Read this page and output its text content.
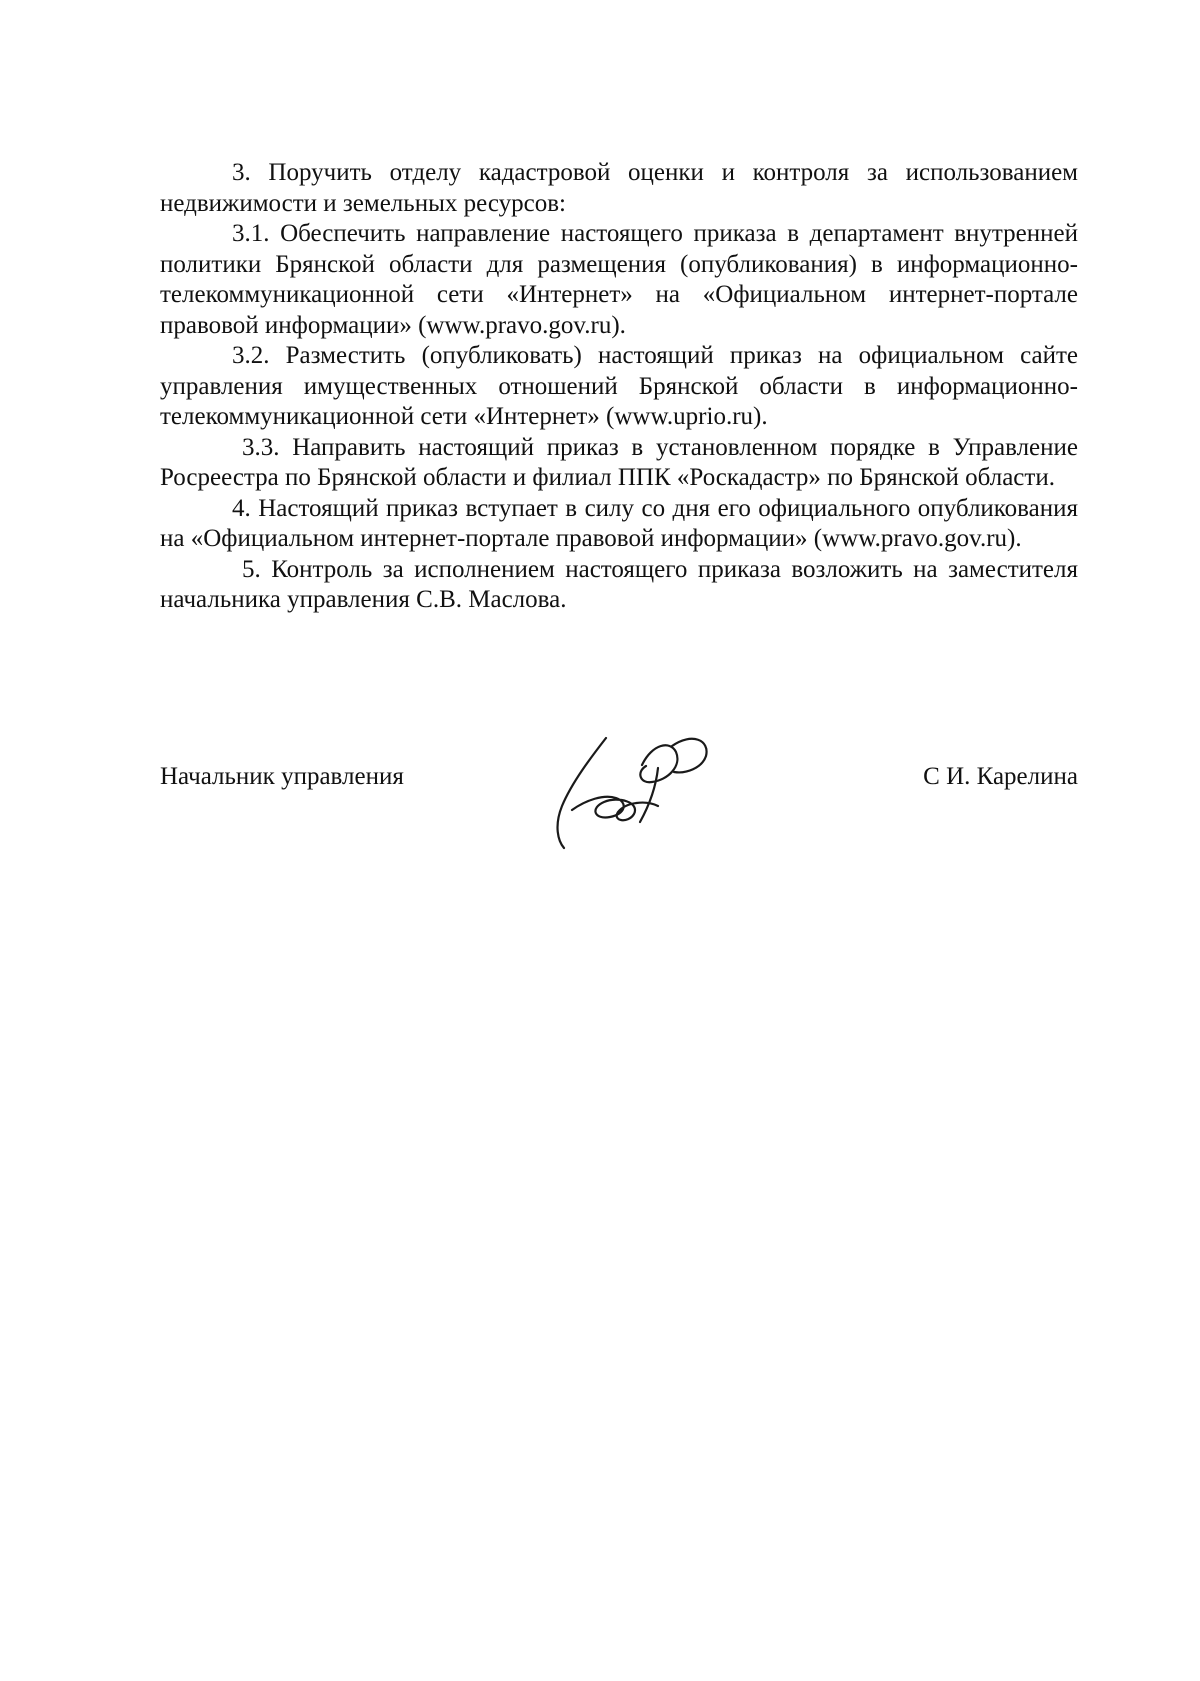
3. Поручить отделу кадастровой оценки и контроля за использованием недвижимости и земельных ресурсов:

3.1. Обеспечить направление настоящего приказа в департамент внутренней политики Брянской области для размещения (опубликования) в информационно-телекоммуникационной сети «Интернет» на «Официальном интернет-портале правовой информации» (www.pravo.gov.ru).

3.2. Разместить (опубликовать) настоящий приказ на официальном сайте управления имущественных отношений Брянской области в информационно-телекоммуникационной сети «Интернет» (www.uprio.ru).

3.3. Направить настоящий приказ в установленном порядке в Управление Росреестра по Брянской области и филиал ППК «Роскадастр» по Брянской области.

4. Настоящий приказ вступает в силу со дня его официального опубликования на «Официальном интернет-портале правовой информации» (www.pravo.gov.ru).

5. Контроль за исполнением настоящего приказа возложить на заместителя начальника управления С.В. Маслова.

Начальник управления	С И. Карелина
